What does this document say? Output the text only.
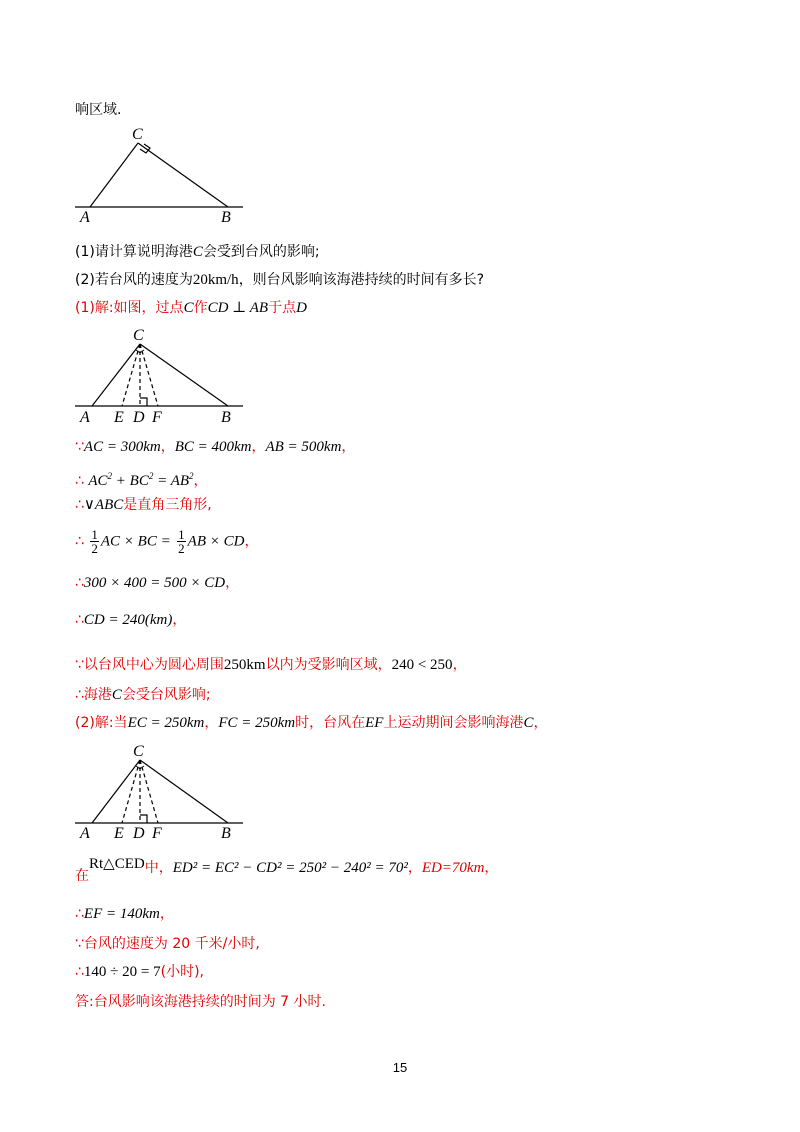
C
A	B
C
A E D F	B
C
A E D F	B
响区域.
(1)请计算说明海港C会受到台风的影响;
(2)若台风的速度为20km/h，则台风影响该海港持续的时间有多长?
(1)解:如图，过点C作CD ⊥ AB于点D
∵AC = 300km，BC = 400km，AB = 500km，
∴ $AC^2 + BC^2 = AB^2$，
∴∨ABC是直角三角形,
∴ $\frac{1}{2}$ AC × BC = $\frac{1}{2}$ AB × CD，
∴300 × 400 = 500 × CD，
∴CD = 240(km)，
∵以台风中心为圆心周围250km以内为受影响区域，240 < 250，
∴海港C会受台风影响;
(2)解:当EC = 250km，FC = 250km时，台风在EF上运动期间会影响海港C，
在Rt△CED中，ED² = EC² − CD² = 250² − 240² = 70²，ED=70km，
∴EF = 140km，
∵台风的速度为 20 千米/小时,
∴140 ÷ 20 = 7(小时),
答:台风影响该海港持续的时间为 7 小时.
15
